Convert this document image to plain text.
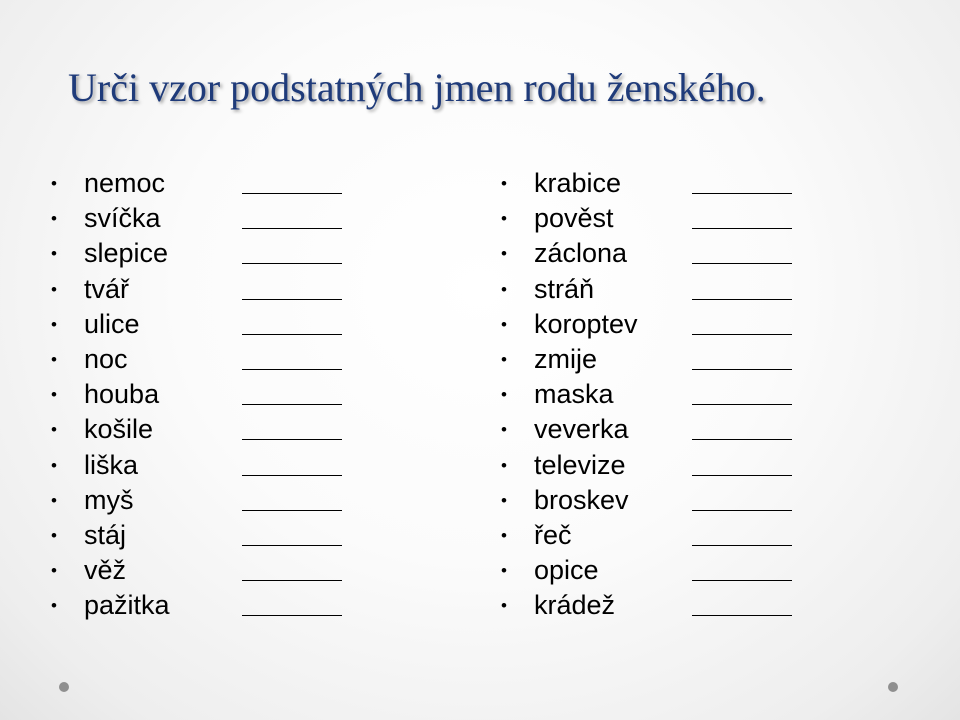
Urči vzor podstatných jmen rodu ženského.
• nemoc
• svíčka
• slepice
• tvář
• ulice
• noc
• houba
• košile
• liška
• myš
• stáj
• věž
• pažitka
• krabice
• pověst
• záclona
• stráň
• koroptev
• zmije
• maska
• veverka
• televize
• broskev
• řeč
• opice
• krádež
